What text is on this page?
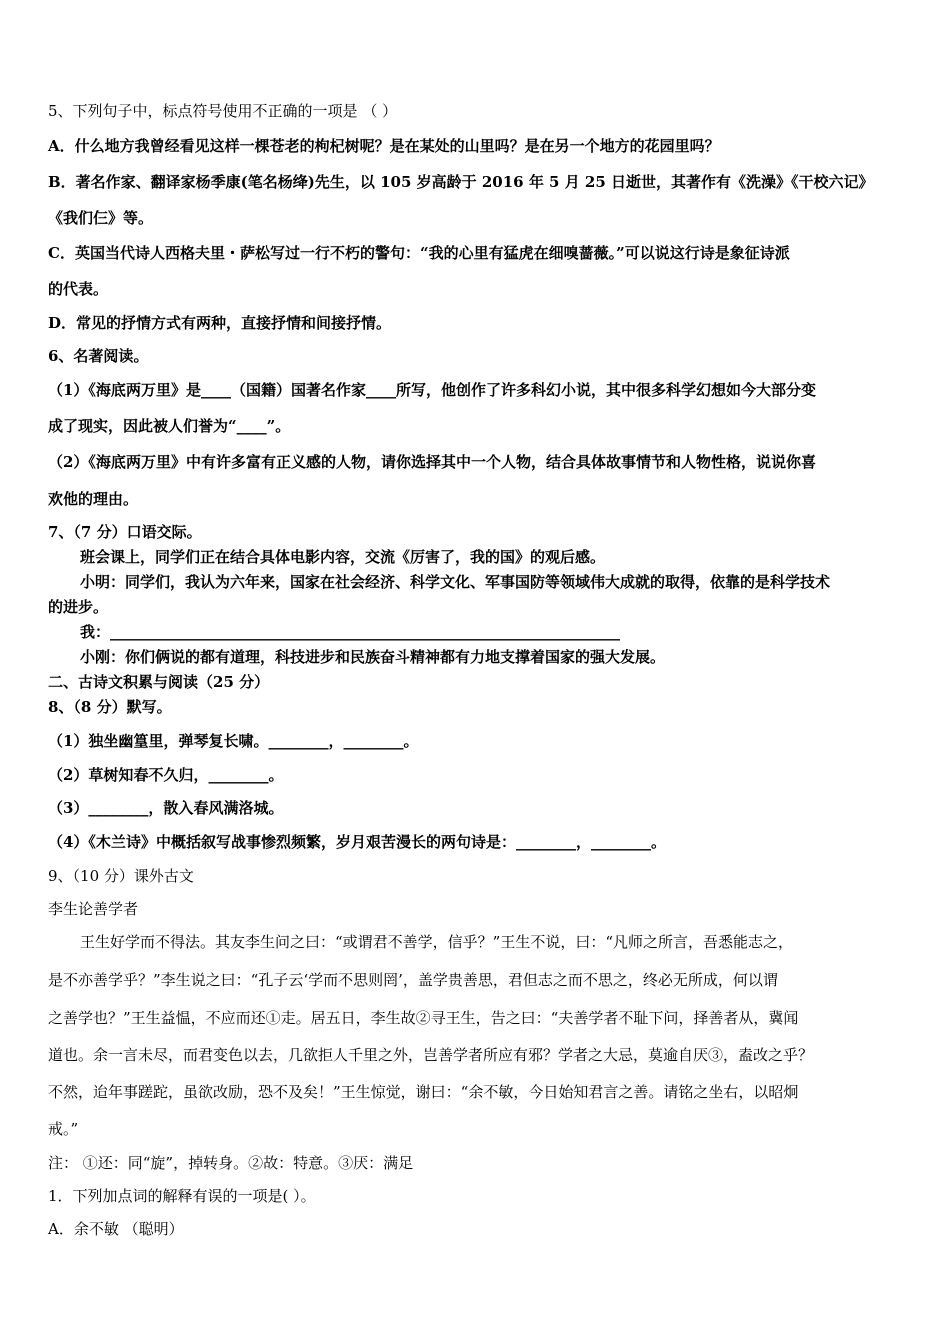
5、下列句子中，标点符号使用不正确的一项是 （ ）
A．什么地方我曾经看见这样一棵苍老的枸杞树呢？是在某处的山里吗？是在另一个地方的花园里吗？
B．著名作家、翻译家杨季康(笔名杨绛)先生，以 105 岁高龄于 2016 年 5 月 25 日逝世，其著作有《洗澡》《干校六记》
《我们仨》等。
C．英国当代诗人西格夫里・萨松写过一行不朽的警句：“我的心里有猛虎在细嗅蔷薇。”可以说这行诗是象征诗派
的代表。
D．常见的抒情方式有两种，直接抒情和间接抒情。
6、名著阅读。
（1）《海底两万里》是____（国籍）国著名作家____所写，他创作了许多科幻小说，其中很多科学幻想如今大部分变
成了现实，因此被人们誉为“____”。
（2）《海底两万里》中有许多富有正义感的人物，请你选择其中一个人物，结合具体故事情节和人物性格，说说你喜
欢他的理由。
7、（7 分）口语交际。
班会课上，同学们正在结合具体电影内容，交流《厉害了，我的国》的观后感。
小明：同学们，我认为六年来，国家在社会经济、科学文化、军事国防等领域伟大成就的取得，依靠的是科学技术
的进步。
我：____________________________________________________________________
小刚：你们俩说的都有道理，科技进步和民族奋斗精神都有力地支撑着国家的强大发展。
二、古诗文积累与阅读（25 分）
8、（8 分）默写。
（1）独坐幽篁里，弹琴复长啸。________，________。
（2）草树知春不久归，________。
（3）________，散入春风满洛城。
（4）《木兰诗》中概括叙写战事惨烈频繁，岁月艰苦漫长的两句诗是：________，________。
9、（10 分）课外古文
李生论善学者
王生好学而不得法。其友李生问之曰：“或谓君不善学，信乎？”王生不说，曰：“凡师之所言，吾悉能志之，
是不亦善学乎？”李生说之曰：“孔子云‘学而不思则罔’，盖学贵善思，君但志之而不思之，终必无所成，何以谓
之善学也？”王生益愠，不应而还①走。居五日，李生故②寻王生，告之曰：“夫善学者不耻下问，择善者从，冀闻
道也。余一言未尽，而君变色以去，几欲拒人千里之外，岂善学者所应有邪？学者之大忌，莫逾自厌③，盍改之乎？
不然，迨年事蹉跎，虽欲改励，恐不及矣！”王生惊觉，谢曰：“余不敏，今日始知君言之善。请铭之坐右，以昭炯
戒。”
注： ①还：同“旋”，掉转身。②故：特意。③厌：满足
1．下列加点词的解释有误的一项是( ）。
A．余不敏 （聪明）
